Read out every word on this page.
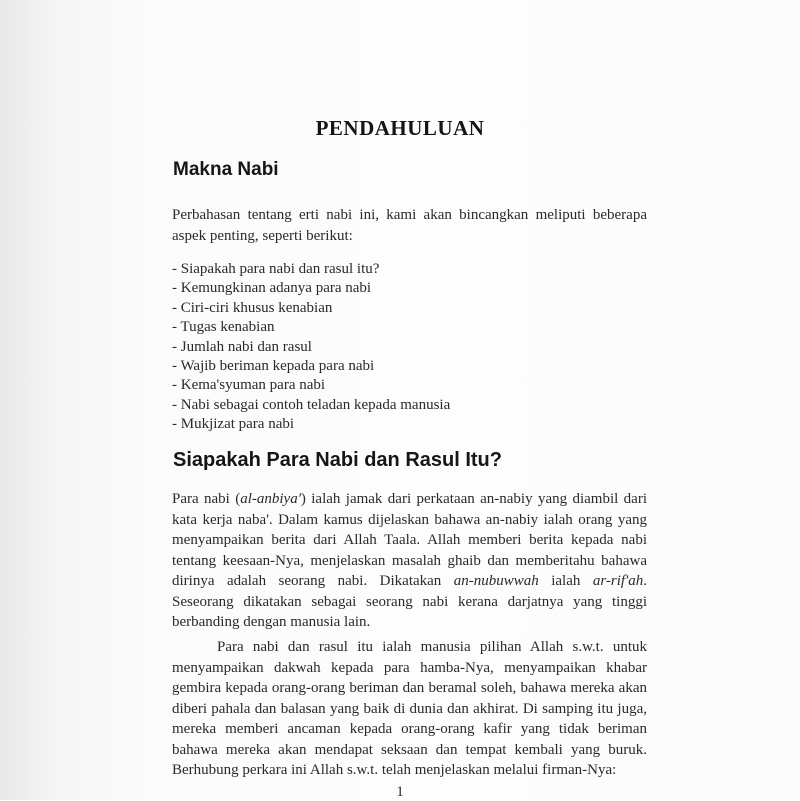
PENDAHULUAN
Makna Nabi
Perbahasan tentang erti nabi ini, kami akan bincangkan meliputi beberapa aspek penting, seperti berikut:
- Siapakah para nabi dan rasul itu?
- Kemungkinan adanya para nabi
- Ciri-ciri khusus kenabian
- Tugas kenabian
- Jumlah nabi dan rasul
- Wajib beriman kepada para nabi
- Kema'syuman para nabi
- Nabi sebagai contoh teladan kepada manusia
- Mukjizat para nabi
Siapakah Para Nabi dan Rasul Itu?
Para nabi (al-anbiya') ialah jamak dari perkataan an-nabiy yang diambil dari kata kerja naba'. Dalam kamus dijelaskan bahawa an-nabiy ialah orang yang menyampaikan berita dari Allah Taala. Allah memberi berita kepada nabi tentang keesaan-Nya, menjelaskan masalah ghaib dan memberitahu bahawa dirinya adalah seorang nabi. Dikatakan an-nubuwwah ialah ar-rif'ah. Seseorang dikatakan sebagai seorang nabi kerana darjatnya yang tinggi berbanding dengan manusia lain.
Para nabi dan rasul itu ialah manusia pilihan Allah s.w.t. untuk menyampaikan dakwah kepada para hamba-Nya, menyampaikan khabar gembira kepada orang-orang beriman dan beramal soleh, bahawa mereka akan diberi pahala dan balasan yang baik di dunia dan akhirat. Di samping itu juga, mereka memberi ancaman kepada orang-orang kafir yang tidak beriman bahawa mereka akan mendapat seksaan dan tempat kembali yang buruk. Berhubung perkara ini Allah s.w.t. telah menjelaskan melalui firman-Nya:
1
